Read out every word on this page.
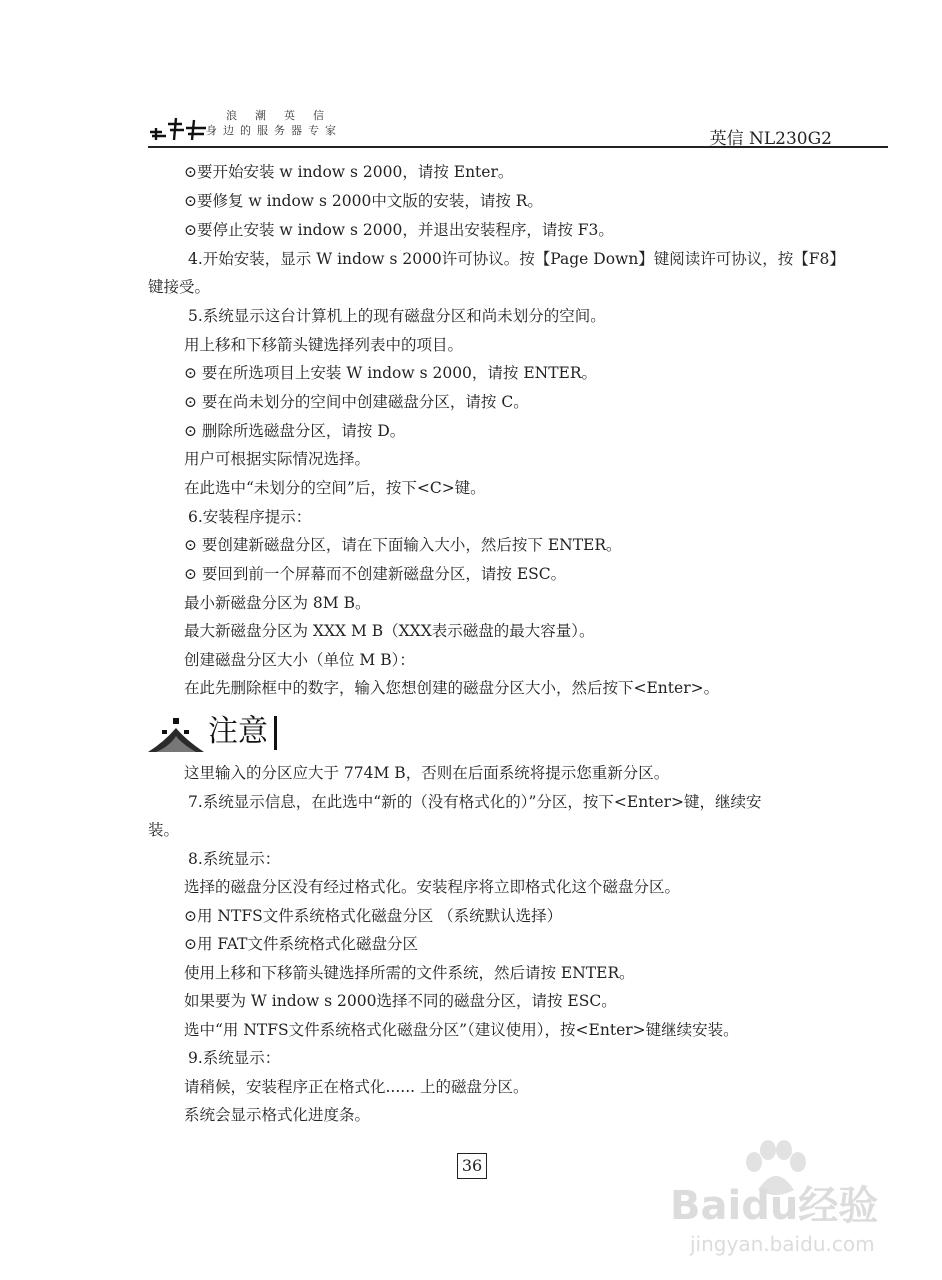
浪潮英信
身边的服务器专家	英信 NL230G2
⊙要开始安装 w indow s 2000，请按 Enter。
⊙要修复 w indow s 2000中文版的安装，请按 R。
⊙要停止安装 w indow s 2000，并退出安装程序，请按 F3。
4.开始安装，显示 W indow s 2000许可协议。按【Page Down】键阅读许可协议，按【F8】
键接受。
5.系统显示这台计算机上的现有磁盘分区和尚未划分的空间。
用上移和下移箭头键选择列表中的项目。
⊙ 要在所选项目上安装 W indow s 2000，请按 ENTER。
⊙ 要在尚未划分的空间中创建磁盘分区，请按 C。
⊙ 删除所选磁盘分区，请按 D。
用户可根据实际情况选择。
在此选中“未划分的空间”后，按下<C>键。
6.安装程序提示：
⊙ 要创建新磁盘分区，请在下面输入大小，然后按下 ENTER。
⊙ 要回到前一个屏幕而不创建新磁盘分区，请按 ESC。
最小新磁盘分区为 8M B。
最大新磁盘分区为 XXX M B（XXX表示磁盘的最大容量）。
创建磁盘分区大小（单位 M B）：
在此先删除框中的数字，输入您想创建的磁盘分区大小，然后按下<Enter>。
注意
这里输入的分区应大于 774M B，否则在后面系统将提示您重新分区。
7.系统显示信息，在此选中“新的（没有格式化的）”分区，按下<Enter>键，继续安
装。
8.系统显示：
选择的磁盘分区没有经过格式化。安装程序将立即格式化这个磁盘分区。
⊙用 NTFS文件系统格式化磁盘分区 （系统默认选择）
⊙用 FAT文件系统格式化磁盘分区
使用上移和下移箭头键选择所需的文件系统，然后请按 ENTER。
如果要为 W indow s 2000选择不同的磁盘分区，请按 ESC。
选中“用 NTFS文件系统格式化磁盘分区”（建议使用），按<Enter>键继续安装。
9.系统显示：
请稍候，安装程序正在格式化...... 上的磁盘分区。
系统会显示格式化进度条。
36
Baidu经验
jingyan.baidu.com
